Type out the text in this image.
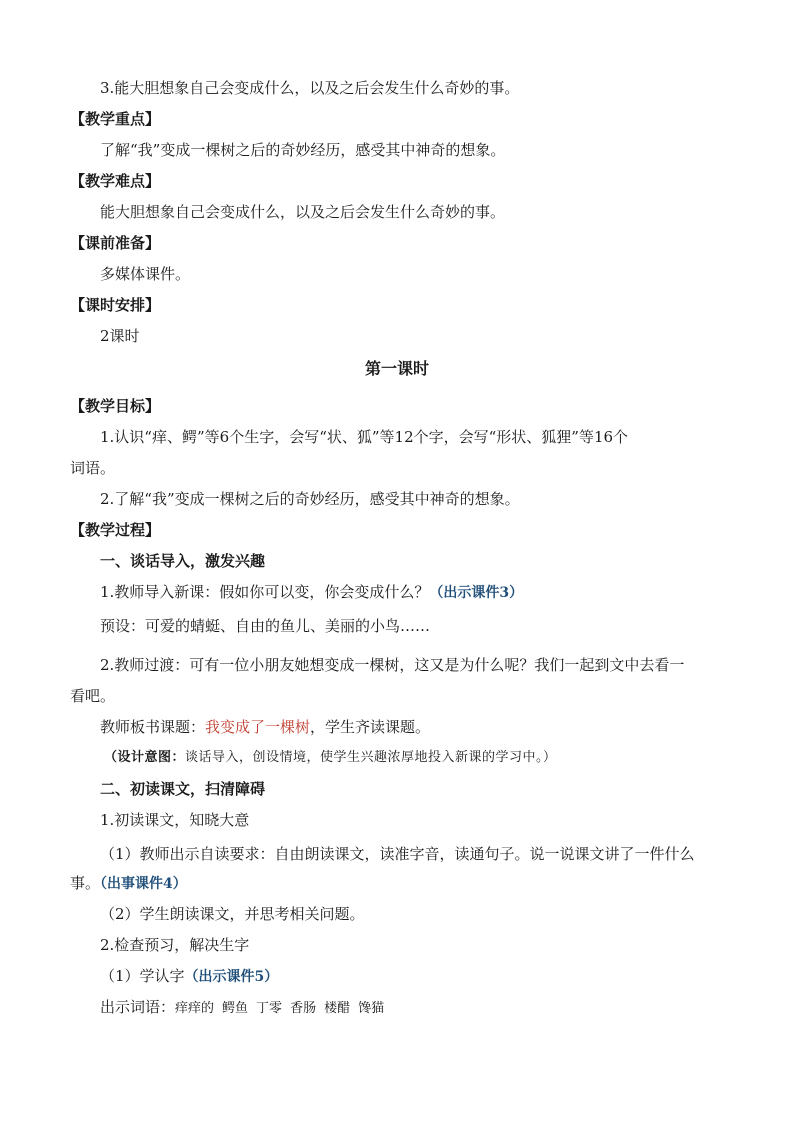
3.能大胆想象自己会变成什么，以及之后会发生什么奇妙的事。
【教学重点】
了解“我”变成一棵树之后的奇妙经历，感受其中神奇的想象。
【教学难点】
能大胆想象自己会变成什么，以及之后会发生什么奇妙的事。
【课前准备】
多媒体课件。
【课时安排】
2课时
第一课时
【教学目标】
1.认识“痒、鳄”等6个生字，会写“状、狐”等12个字，会写“形状、狐狸”等16个
词语。
2.了解“我”变成一棵树之后的奇妙经历，感受其中神奇的想象。
【教学过程】
一、谈话导入，激发兴趣
1.教师导入新课：假如你可以变，你会变成什么？（出示课件3）
预设：可爱的蜻蜓、自由的鱼儿、美丽的小鸟……
2.教师过渡：可有一位小朋友她想变成一棵树，这又是为什么呢？我们一起到文中去看一
看吧。
教师板书课题：我变成了一棵树，学生齐读课题。
（设计意图：谈话导入，创设情境，使学生兴趣浓厚地投入新课的学习中。）
二、初读课文，扫清障碍
1.初读课文，知晓大意
（1）教师出示自读要求：自由朗读课文，读准字音，读通句子。说一说课文讲了一件什么
事。（出事课件4）
（2）学生朗读课文，并思考相关问题。
2.检查预习，解决生字
（1）学认字（出示课件5）
出示词语：痒痒的 鳄鱼 丁零 香肠 楼醋 馋猫
